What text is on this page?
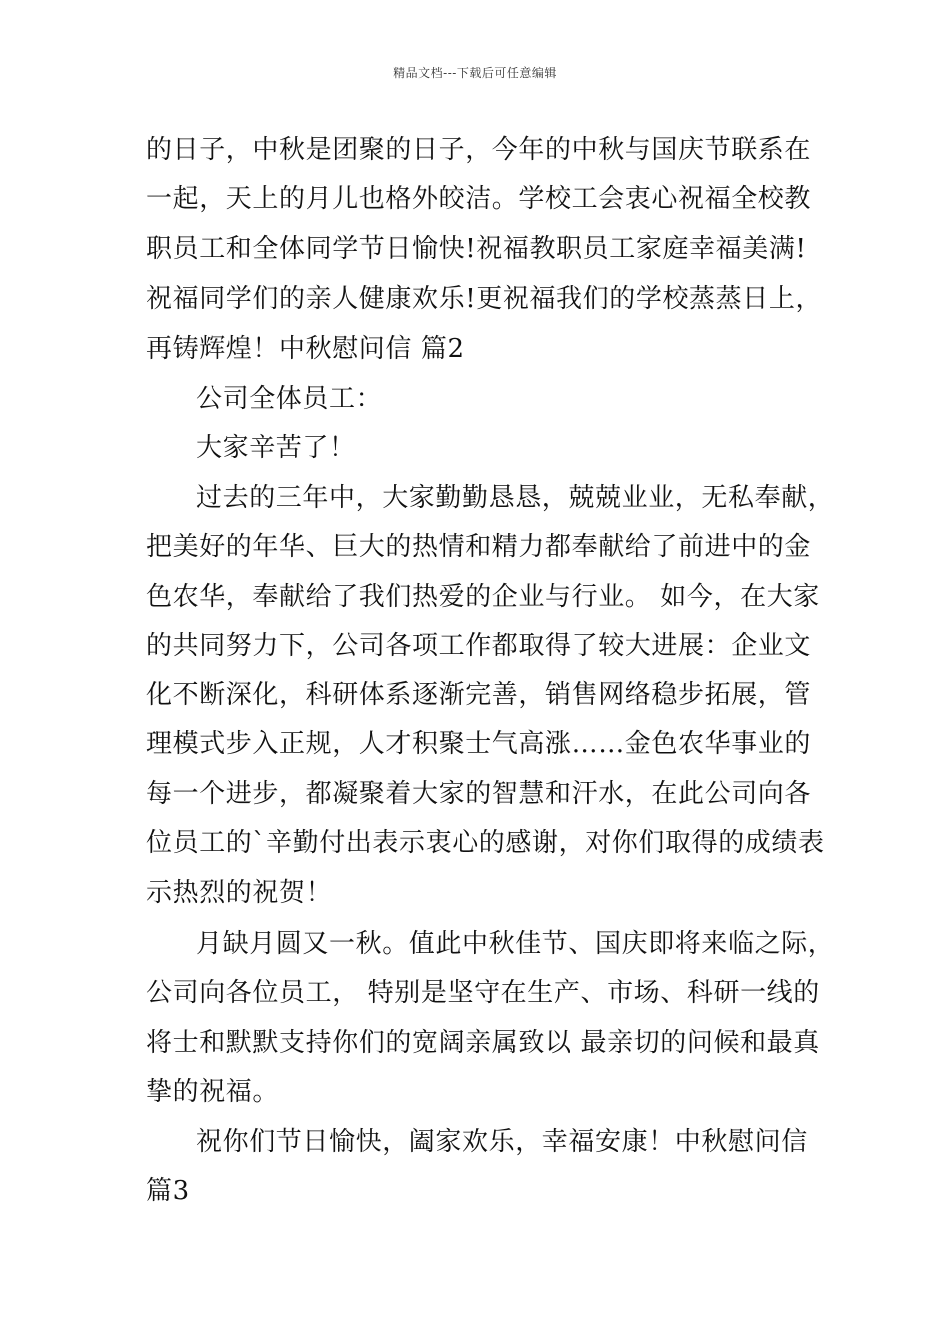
精品文档---下载后可任意编辑
的日子，中秋是团聚的日子，今年的中秋与国庆节联系在
一起，天上的月儿也格外皎洁。学校工会衷心祝福全校教
职员工和全体同学节日愉快!祝福教职员工家庭幸福美满!
祝福同学们的亲人健康欢乐!更祝福我们的学校蒸蒸日上，
再铸辉煌！中秋慰问信 篇2
公司全体员工：
大家辛苦了！
过去的三年中，大家勤勤恳恳，兢兢业业，无私奉献，
把美好的年华、巨大的热情和精力都奉献给了前进中的金
色农华，奉献给了我们热爱的企业与行业。 如今，在大家
的共同努力下，公司各项工作都取得了较大进展：企业文
化不断深化，科研体系逐渐完善，销售网络稳步拓展，管
理模式步入正规，人才积聚士气高涨……金色农华事业的
每一个进步，都凝聚着大家的智慧和汗水，在此公司向各
位员工的`辛勤付出表示衷心的感谢，对你们取得的成绩表
示热烈的祝贺！
月缺月圆又一秋。值此中秋佳节、国庆即将来临之际，
公司向各位员工， 特别是坚守在生产、市场、科研一线的
将士和默默支持你们的宽阔亲属致以 最亲切的问候和最真
挚的祝福。
祝你们节日愉快，阖家欢乐，幸福安康！中秋慰问信
篇3
